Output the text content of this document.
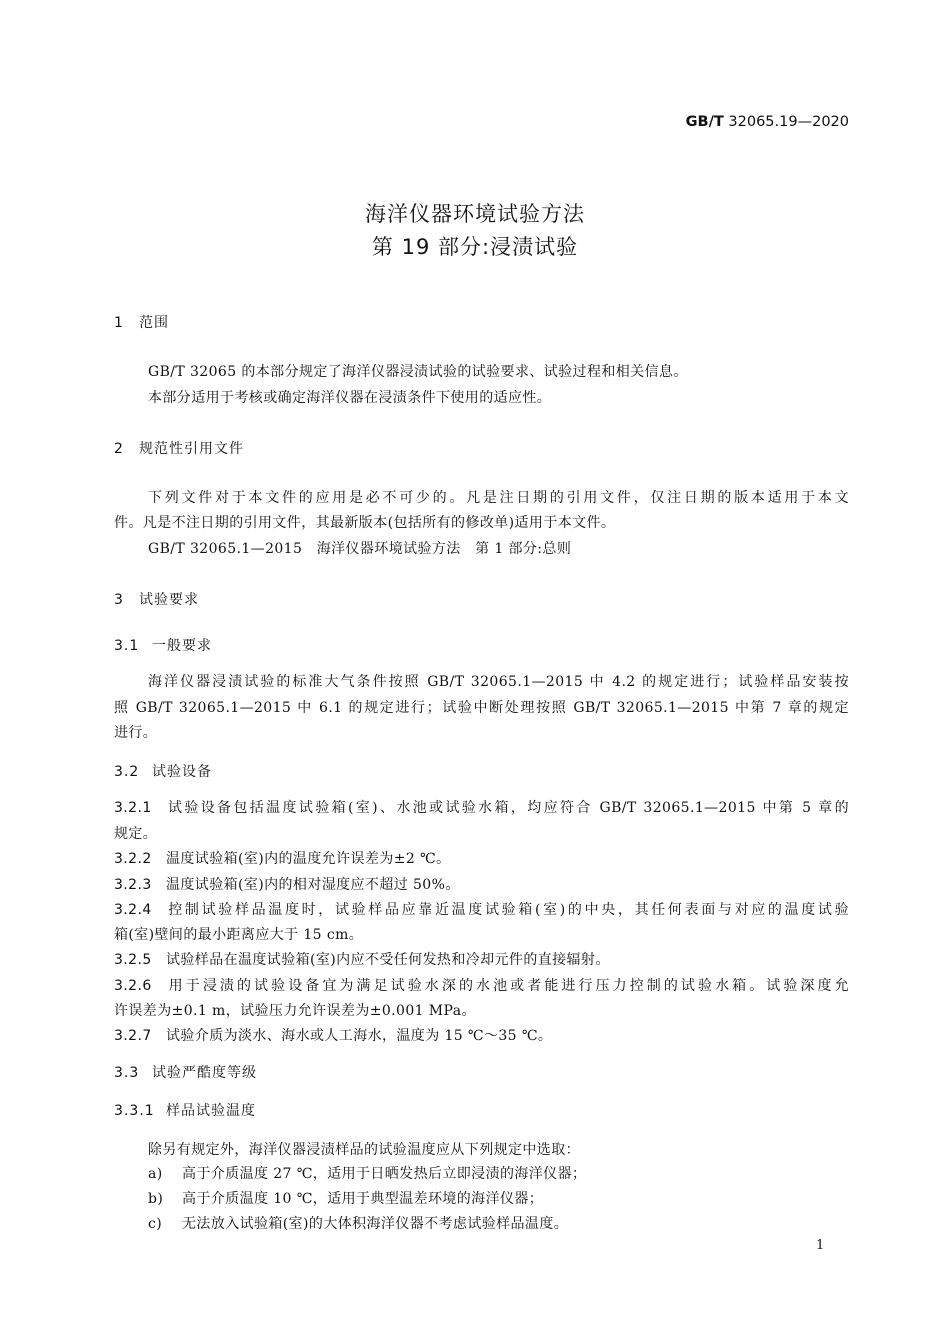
GB/T 32065.19—2020
海洋仪器环境试验方法
第 19 部分:浸渍试验
1 范围
GB/T 32065 的本部分规定了海洋仪器浸渍试验的试验要求、试验过程和相关信息。
本部分适用于考核或确定海洋仪器在浸渍条件下使用的适应性。
2 规范性引用文件
下列文件对于本文件的应用是必不可少的。凡是注日期的引用文件，仅注日期的版本适用于本文
件。凡是不注日期的引用文件，其最新版本(包括所有的修改单)适用于本文件。
GB/T 32065.1—2015　海洋仪器环境试验方法　第 1 部分:总则
3 试验要求
3.1 一般要求
海洋仪器浸渍试验的标准大气条件按照 GB/T 32065.1—2015 中 4.2 的规定进行；试验样品安装按
照 GB/T 32065.1—2015 中 6.1 的规定进行；试验中断处理按照 GB/T 32065.1—2015 中第 7 章的规定
进行。
3.2 试验设备
3.2.1 试验设备包括温度试验箱(室)、水池或试验水箱，均应符合 GB/T 32065.1—2015 中第 5 章的
规定。
3.2.2 温度试验箱(室)内的温度允许误差为±2 ℃。
3.2.3 温度试验箱(室)内的相对湿度应不超过 50%。
3.2.4 控制试验样品温度时，试验样品应靠近温度试验箱(室)的中央，其任何表面与对应的温度试验
箱(室)壁间的最小距离应大于 15 cm。
3.2.5 试验样品在温度试验箱(室)内应不受任何发热和冷却元件的直接辐射。
3.2.6 用于浸渍的试验设备宜为满足试验水深的水池或者能进行压力控制的试验水箱。试验深度允
许误差为±0.1 m，试验压力允许误差为±0.001 MPa。
3.2.7 试验介质为淡水、海水或人工海水，温度为 15 ℃～35 ℃。
3.3 试验严酷度等级
3.3.1 样品试验温度
除另有规定外，海洋仪器浸渍样品的试验温度应从下列规定中选取：
a) 高于介质温度 27 ℃，适用于日晒发热后立即浸渍的海洋仪器；
b) 高于介质温度 10 ℃，适用于典型温差环境的海洋仪器；
c) 无法放入试验箱(室)的大体积海洋仪器不考虑试验样品温度。
1
